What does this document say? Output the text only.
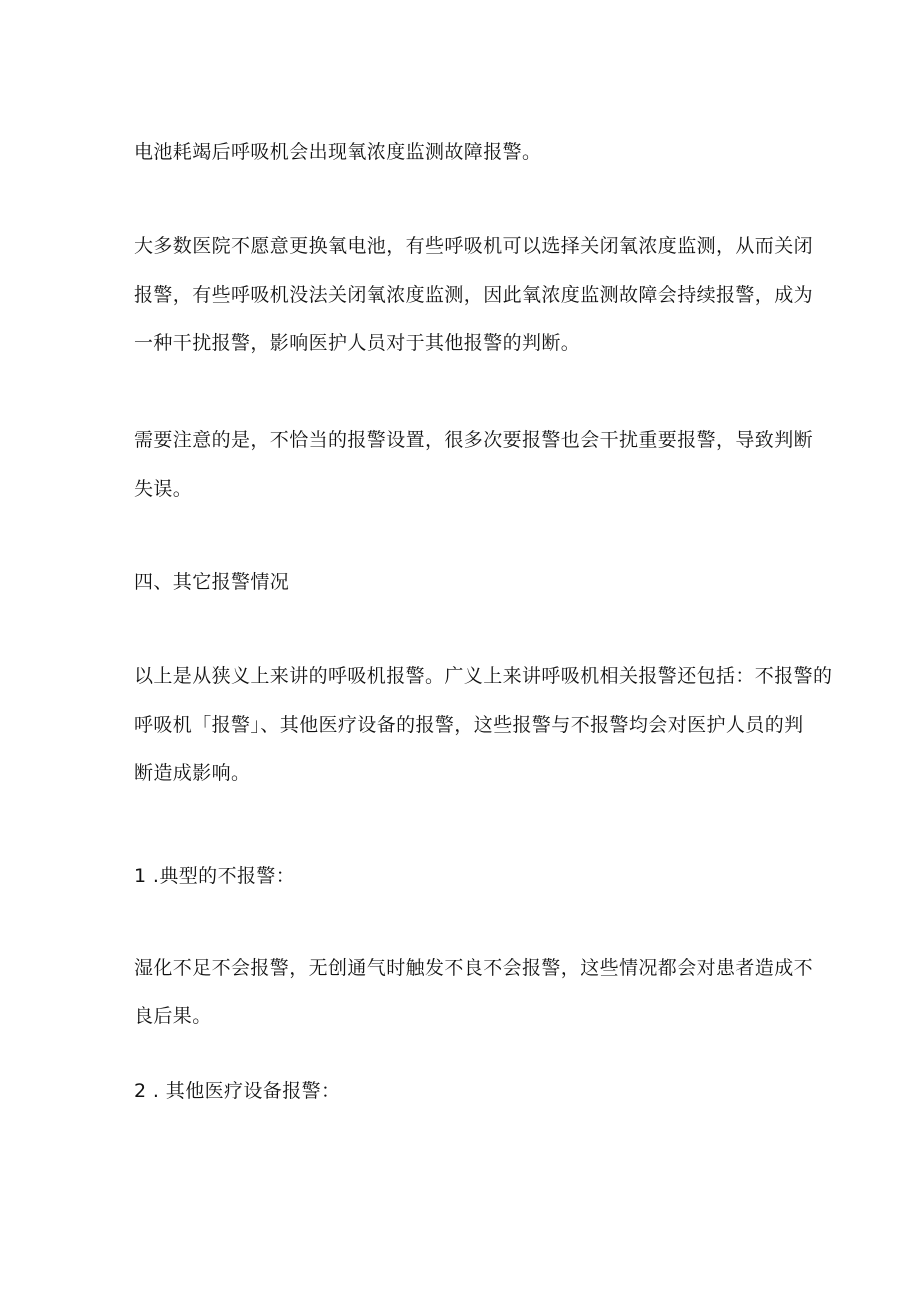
电池耗竭后呼吸机会出现氧浓度监测故障报警。
大多数医院不愿意更换氧电池，有些呼吸机可以选择关闭氧浓度监测，从而关闭
报警，有些呼吸机没法关闭氧浓度监测，因此氧浓度监测故障会持续报警，成为
一种干扰报警，影响医护人员对于其他报警的判断。
需要注意的是，不恰当的报警设置，很多次要报警也会干扰重要报警，导致判断
失误。
四、其它报警情况
以上是从狭义上来讲的呼吸机报警。广义上来讲呼吸机相关报警还包括：不报警的
呼吸机「报警」、其他医疗设备的报警，这些报警与不报警均会对医护人员的判
断造成影响。
1 .典型的不报警：
湿化不足不会报警，无创通气时触发不良不会报警，这些情况都会对患者造成不
良后果。
2 . 其他医疗设备报警：
